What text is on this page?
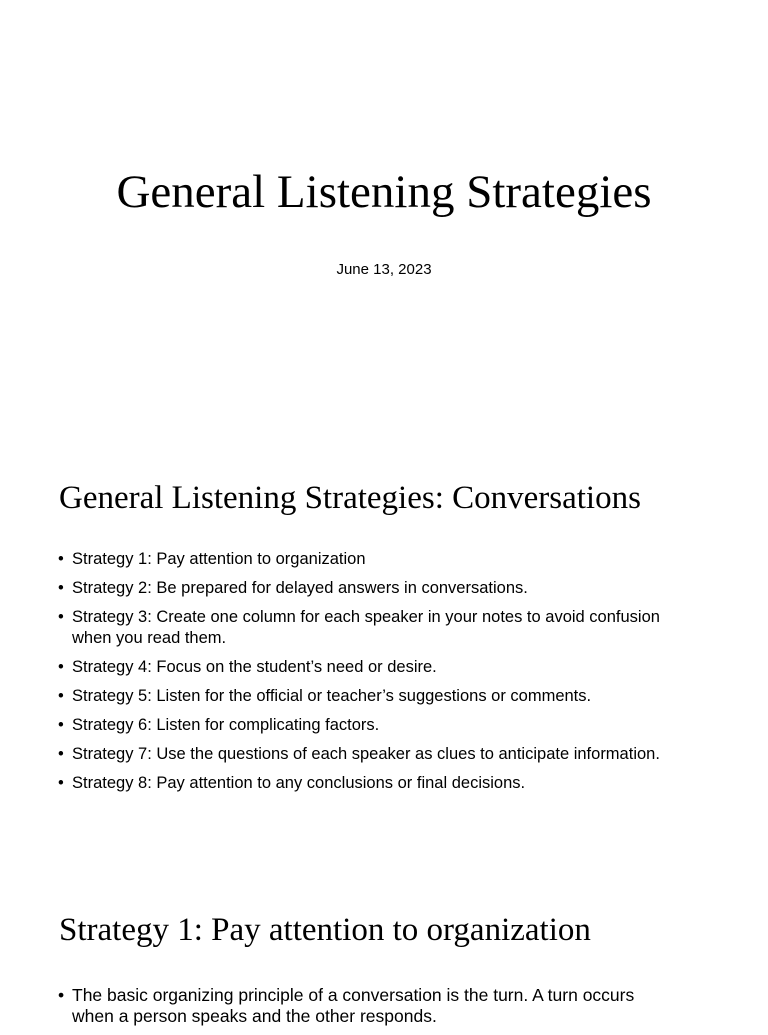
General Listening Strategies
June 13, 2023
General Listening Strategies: Conversations
• Strategy 1: Pay attention to organization
• Strategy 2: Be prepared for delayed answers in conversations.
• Strategy 3: Create one column for each speaker in your notes to avoid confusion when you read them.
• Strategy 4: Focus on the student’s need or desire.
• Strategy 5: Listen for the official or teacher’s suggestions or comments.
• Strategy 6: Listen for complicating factors.
• Strategy 7: Use the questions of each speaker as clues to anticipate information.
• Strategy 8: Pay attention to any conclusions or final decisions.
Strategy 1: Pay attention to organization
• The basic organizing principle of a conversation is the turn. A turn occurs when a person speaks and the other responds.
